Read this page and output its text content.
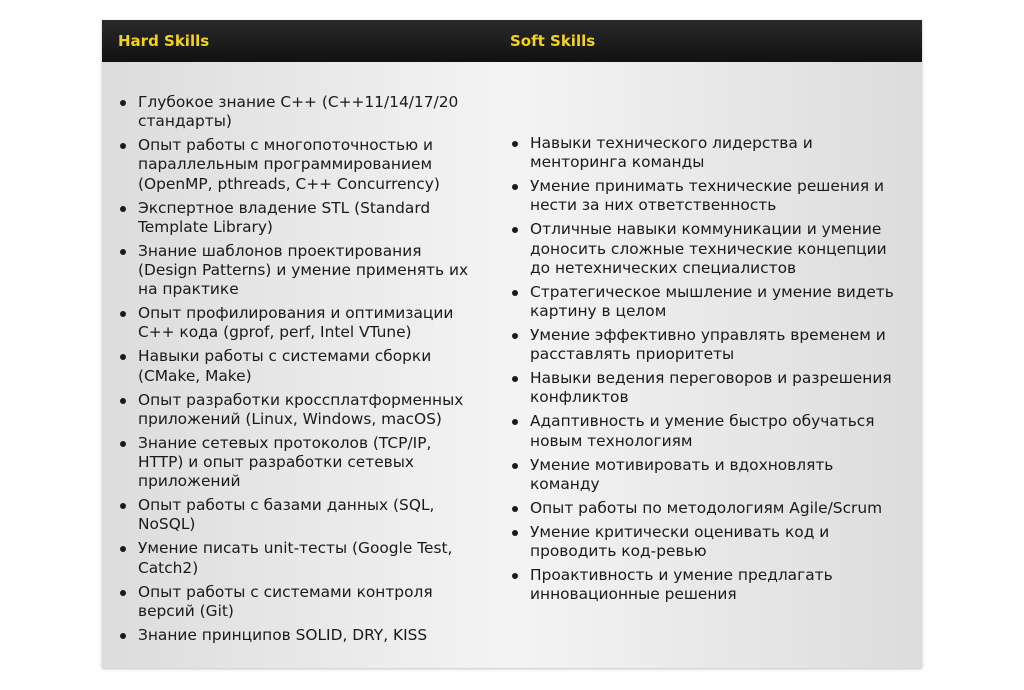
Hard Skills	Soft Skills
Глубокое знание C++ (C++11/14/17/20 стандарты)
Опыт работы с многопоточностью и параллельным программированием (OpenMP, pthreads, C++ Concurrency)
Экспертное владение STL (Standard Template Library)
Знание шаблонов проектирования (Design Patterns) и умение применять их на практике
Опыт профилирования и оптимизации C++ кода (gprof, perf, Intel VTune)
Навыки работы с системами сборки (CMake, Make)
Опыт разработки кроссплатформенных приложений (Linux, Windows, macOS)
Знание сетевых протоколов (TCP/IP, HTTP) и опыт разработки сетевых приложений
Опыт работы с базами данных (SQL, NoSQL)
Умение писать unit-тесты (Google Test, Catch2)
Опыт работы с системами контроля версий (Git)
Знание принципов SOLID, DRY, KISS
Навыки технического лидерства и менторинга команды
Умение принимать технические решения и нести за них ответственность
Отличные навыки коммуникации и умение доносить сложные технические концепции до нетехнических специалистов
Стратегическое мышление и умение видеть картину в целом
Умение эффективно управлять временем и расставлять приоритеты
Навыки ведения переговоров и разрешения конфликтов
Адаптивность и умение быстро обучаться новым технологиям
Умение мотивировать и вдохновлять команду
Опыт работы по методологиям Agile/Scrum
Умение критически оценивать код и проводить код-ревью
Проактивность и умение предлагать инновационные решения
